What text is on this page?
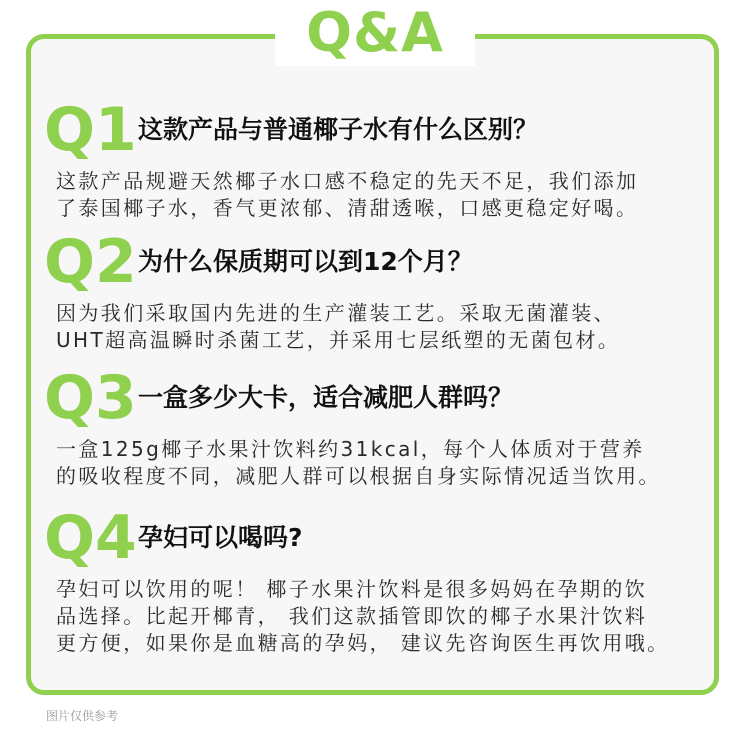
Q&A
Q1 这款产品与普通椰子水有什么区别？
这款产品规避天然椰子水口感不稳定的先天不足，我们添加
了泰国椰子水，香气更浓郁、清甜透喉，口感更稳定好喝。
Q2 为什么保质期可以到12个月？
因为我们采取国内先进的生产灌装工艺。采取无菌灌装、
UHT超高温瞬时杀菌工艺，并采用七层纸塑的无菌包材。
Q3 一盒多少大卡，适合减肥人群吗？
一盒125g椰子水果汁饮料约31kcal，每个人体质对于营养
的吸收程度不同，减肥人群可以根据自身实际情况适当饮用。
Q4 孕妇可以喝吗?
孕妇可以饮用的呢！ 椰子水果汁饮料是很多妈妈在孕期的饮
品选择。比起开椰青， 我们这款插管即饮的椰子水果汁饮料
更方便，如果你是血糖高的孕妈， 建议先咨询医生再饮用哦。
图片仅供参考
